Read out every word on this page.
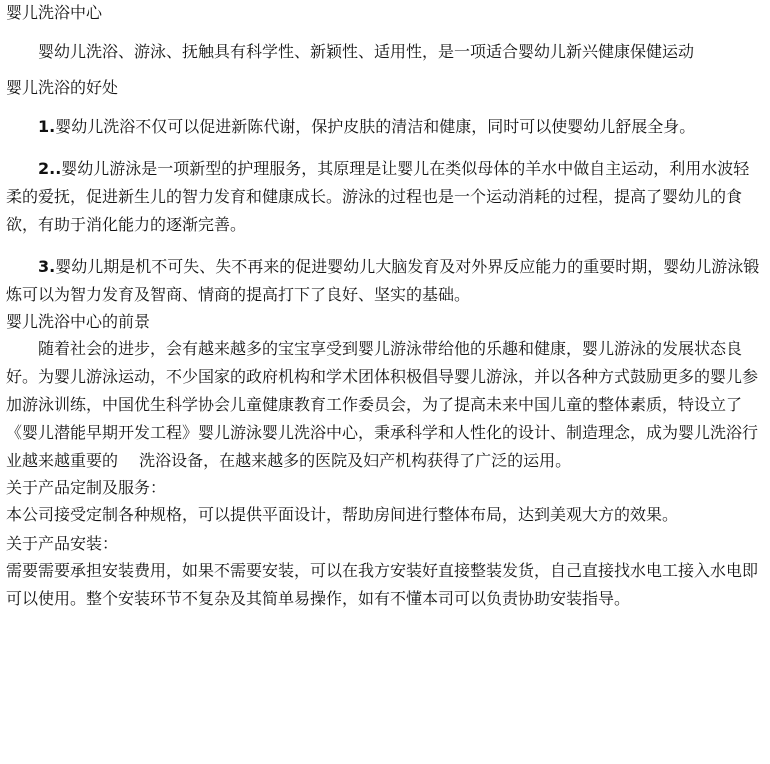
婴儿洗浴中心

婴幼儿洗浴、游泳、抚触具有科学性、新颖性、适用性，是一项适合婴幼儿新兴健康保健运动

婴儿洗浴的好处

1.婴幼儿洗浴不仅可以促进新陈代谢，保护皮肤的清洁和健康，同时可以使婴幼儿舒展全身。

2..婴幼儿游泳是一项新型的护理服务，其原理是让婴儿在类似母体的羊水中做自主运动，利用水波轻柔的爱抚，促进新生儿的智力发育和健康成长。游泳的过程也是一个运动消耗的过程，提高了婴幼儿的食欲，有助于消化能力的逐渐完善。

3.婴幼儿期是机不可失、失不再来的促进婴幼儿大脑发育及对外界反应能力的重要时期，婴幼儿游泳锻炼可以为智力发育及智商、情商的提高打下了良好、坚实的基础。

婴儿洗浴中心的前景

随着社会的进步，会有越来越多的宝宝享受到婴儿游泳带给他的乐趣和健康，婴儿游泳的发展状态良好。为婴儿游泳运动，不少国家的政府机构和学术团体积极倡导婴儿游泳，并以各种方式鼓励更多的婴儿参加游泳训练，中国优生科学协会儿童健康教育工作委员会，为了提高未来中国儿童的整体素质，特设立了《婴儿潜能早期开发工程》婴儿游泳婴儿洗浴中心，秉承科学和人性化的设计、制造理念，成为婴儿洗浴行业越来越重要的　 洗浴设备，在越来越多的医院及妇产机构获得了广泛的运用。

关于产品定制及服务：

本公司接受定制各种规格，可以提供平面设计，帮助房间进行整体布局，达到美观大方的效果。

关于产品安装：

需要需要承担安装费用，如果不需要安装，可以在我方安装好直接整装发货，自己直接找水电工接入水电即可以使用。整个安装环节不复杂及其简单易操作，如有不懂本司可以负责协助安装指导。
